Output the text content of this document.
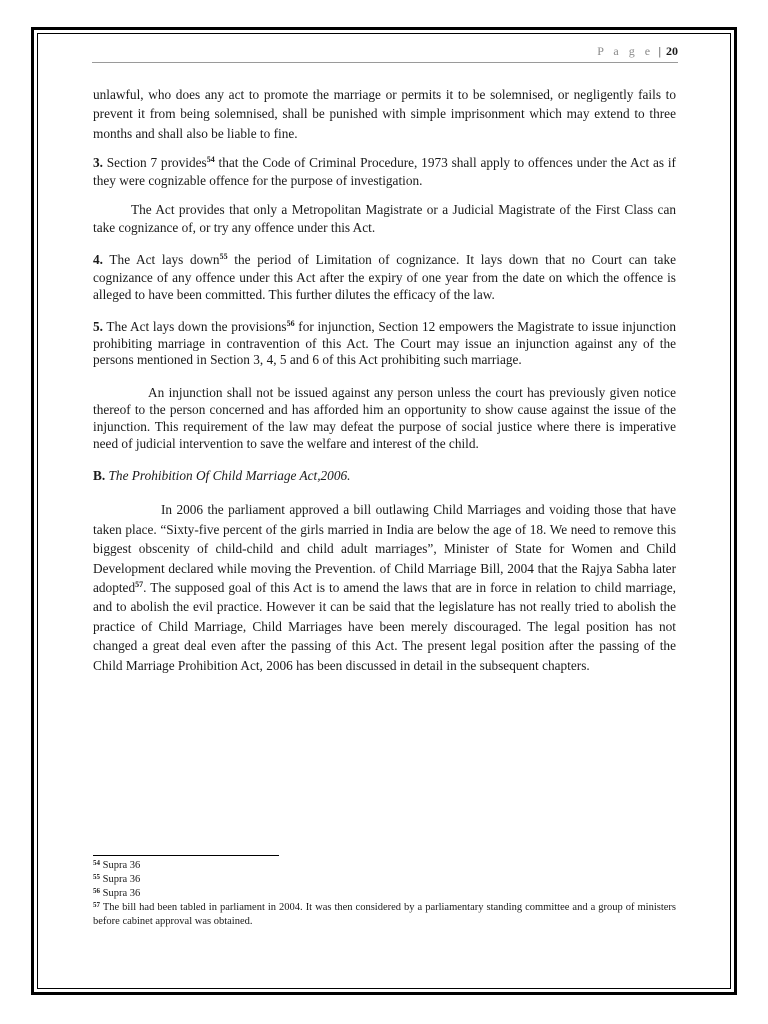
P a g e | 20

unlawful, who does any act to promote the marriage or permits it to be solemnised, or negligently fails to prevent it from being solemnised, shall be punished with simple imprisonment which may extend to three months and shall also be liable to fine.

3. Section 7 provides$^{54}$ that the Code of Criminal Procedure, 1973 shall apply to offences under the Act as if they were cognizable offence for the purpose of investigation.

The Act provides that only a Metropolitan Magistrate or a Judicial Magistrate of the First Class can take cognizance of, or try any offence under this Act.

4. The Act lays down$^{55}$ the period of Limitation of cognizance. It lays down that no Court can take cognizance of any offence under this Act after the expiry of one year from the date on which the offence is alleged to have been committed. This further dilutes the efficacy of the law.

5. The Act lays down the provisions$^{56}$ for injunction, Section 12 empowers the Magistrate to issue injunction prohibiting marriage in contravention of this Act. The Court may issue an injunction against any of the persons mentioned in Section 3, 4, 5 and 6 of this Act prohibiting such marriage.

An injunction shall not be issued against any person unless the court has previously given notice thereof to the person concerned and has afforded him an opportunity to show cause against the issue of the injunction. This requirement of the law may defeat the purpose of social justice where there is imperative need of judicial intervention to save the welfare and interest of the child.

B. The Prohibition Of Child Marriage Act,2006.

In 2006 the parliament approved a bill outlawing Child Marriages and voiding those that have taken place. “Sixty-five percent of the girls married in India are below the age of 18. We need to remove this biggest obscenity of child-child and child adult marriages”, Minister of State for Women and Child Development declared while moving the Prevention. of Child Marriage Bill, 2004 that the Rajya Sabha later adopted$^{57}$. The supposed goal of this Act is to amend the laws that are in force in relation to child marriage, and to abolish the evil practice. However it can be said that the legislature has not really tried to abolish the practice of Child Marriage, Child Marriages have been merely discouraged. The legal position has not changed a great deal even after the passing of this Act. The present legal position after the passing of the Child Marriage Prohibition Act, 2006 has been discussed in detail in the subsequent chapters.

$^{54}$ Supra 36
$^{55}$ Supra 36
$^{56}$ Supra 36
$^{57}$ The bill had been tabled in parliament in 2004. It was then considered by a parliamentary standing committee and a group of ministers before cabinet approval was obtained.
